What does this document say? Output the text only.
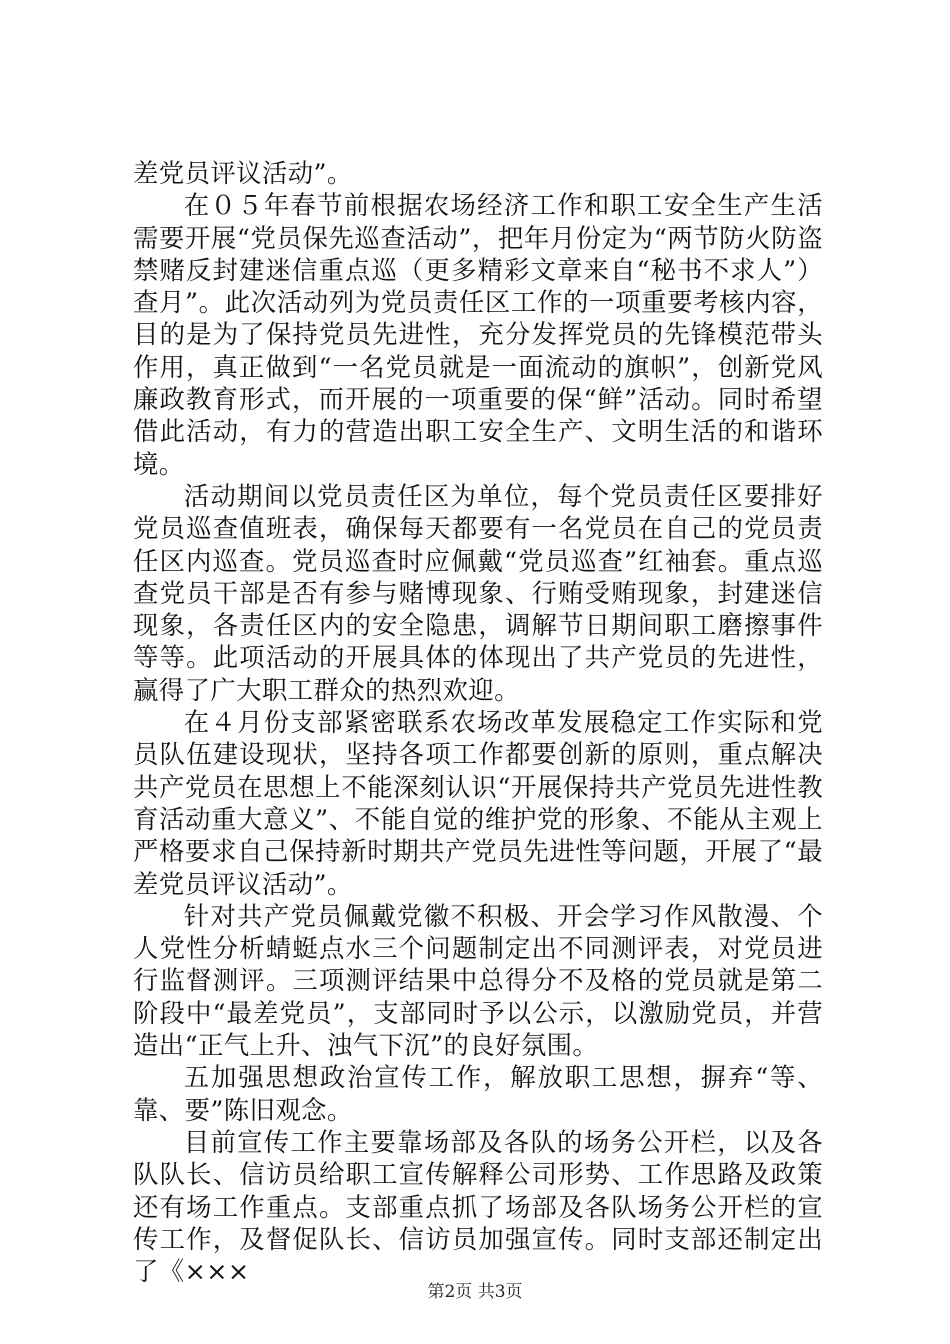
差党员评议活动”。

在０５年春节前根据农场经济工作和职工安全生产生活需要开展“党员保先巡查活动”，把年月份定为“两节防火防盗禁赌反封建迷信重点巡（更多精彩文章来自“秘书不求人”）查月”。此次活动列为党员责任区工作的一项重要考核内容，目的是为了保持党员先进性，充分发挥党员的先锋模范带头作用，真正做到“一名党员就是一面流动的旗帜”，创新党风廉政教育形式，而开展的一项重要的保“鲜”活动。同时希望借此活动，有力的营造出职工安全生产、文明生活的和谐环境。

活动期间以党员责任区为单位，每个党员责任区要排好党员巡查值班表，确保每天都要有一名党员在自己的党员责任区内巡查。党员巡查时应佩戴“党员巡查”红袖套。重点巡查党员干部是否有参与赌博现象、行贿受贿现象，封建迷信现象，各责任区内的安全隐患，调解节日期间职工磨擦事件等等。此项活动的开展具体的体现出了共产党员的先进性，赢得了广大职工群众的热烈欢迎。

在４月份支部紧密联系农场改革发展稳定工作实际和党员队伍建设现状，坚持各项工作都要创新的原则，重点解决共产党员在思想上不能深刻认识“开展保持共产党员先进性教育活动重大意义”、不能自觉的维护党的形象、不能从主观上严格要求自己保持新时期共产党员先进性等问题，开展了“最差党员评议活动”。

针对共产党员佩戴党徽不积极、开会学习作风散漫、个人党性分析蜻蜓点水三个问题制定出不同测评表，对党员进行监督测评。三项测评结果中总得分不及格的党员就是第二阶段中“最差党员”，支部同时予以公示，以激励党员，并营造出“正气上升、浊气下沉”的良好氛围。

五加强思想政治宣传工作，解放职工思想，摒弃“等、靠、要”陈旧观念。

目前宣传工作主要靠场部及各队的场务公开栏，以及各队队长、信访员给职工宣传解释公司形势、工作思路及政策还有场工作重点。支部重点抓了场部及各队场务公开栏的宣传工作，及督促队长、信访员加强宣传。同时支部还制定出了《×××

第2页 共3页
